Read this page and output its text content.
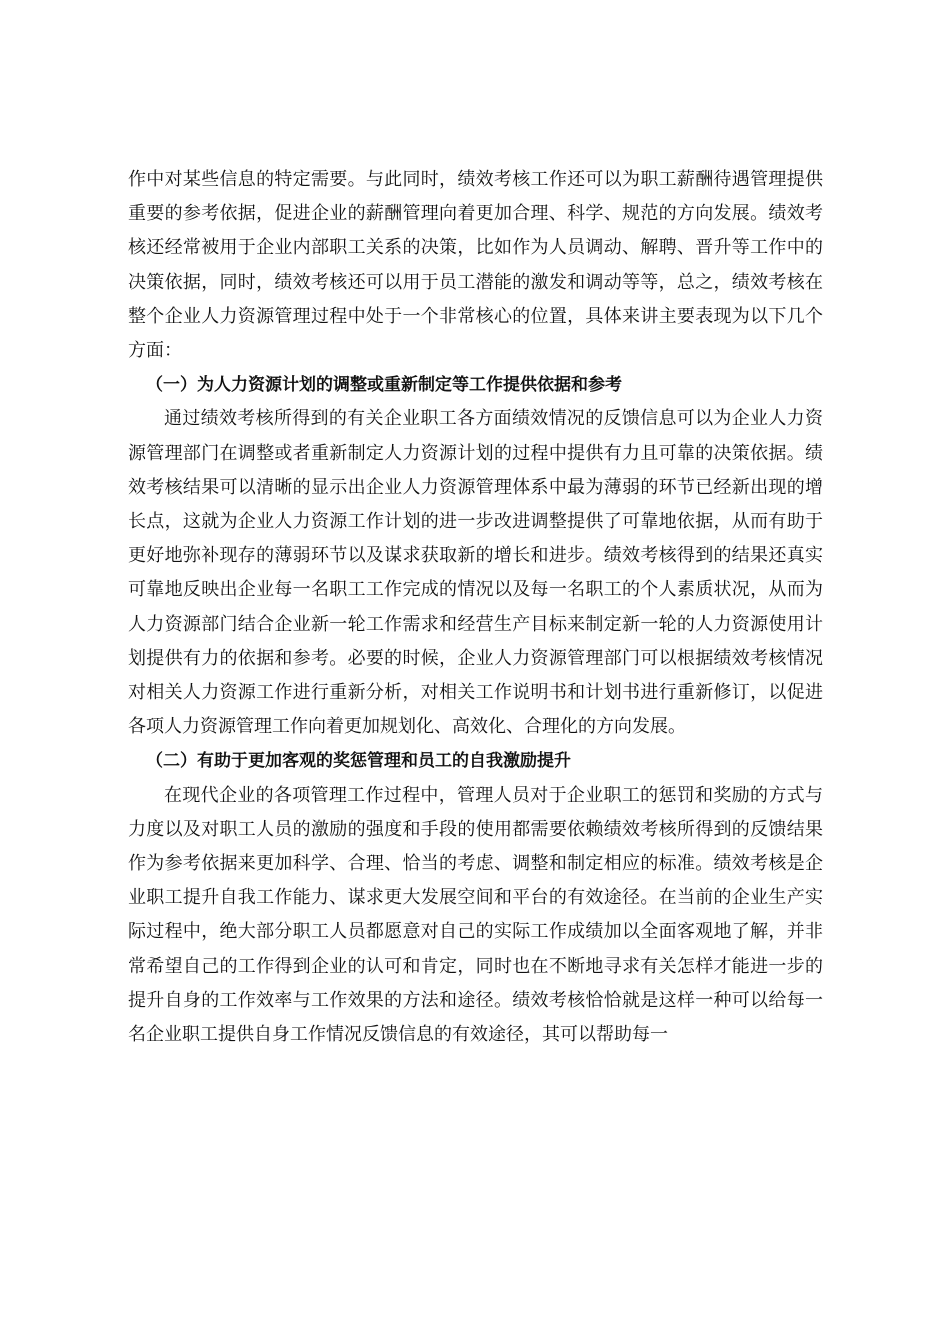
作中对某些信息的特定需要。与此同时，绩效考核工作还可以为职工薪酬待遇管理提供重要的参考依据，促进企业的薪酬管理向着更加合理、科学、规范的方向发展。绩效考核还经常被用于企业内部职工关系的决策，比如作为人员调动、解聘、晋升等工作中的决策依据，同时，绩效考核还可以用于员工潜能的激发和调动等等，总之，绩效考核在整个企业人力资源管理过程中处于一个非常核心的位置，具体来讲主要表现为以下几个方面：

（一）为人力资源计划的调整或重新制定等工作提供依据和参考

通过绩效考核所得到的有关企业职工各方面绩效情况的反馈信息可以为企业人力资源管理部门在调整或者重新制定人力资源计划的过程中提供有力且可靠的决策依据。绩效考核结果可以清晰的显示出企业人力资源管理体系中最为薄弱的环节已经新出现的增长点，这就为企业人力资源工作计划的进一步改进调整提供了可靠地依据，从而有助于更好地弥补现存的薄弱环节以及谋求获取新的增长和进步。绩效考核得到的结果还真实可靠地反映出企业每一名职工工作完成的情况以及每一名职工的个人素质状况，从而为人力资源部门结合企业新一轮工作需求和经营生产目标来制定新一轮的人力资源使用计划提供有力的依据和参考。必要的时候，企业人力资源管理部门可以根据绩效考核情况对相关人力资源工作进行重新分析，对相关工作说明书和计划书进行重新修订，以促进各项人力资源管理工作向着更加规划化、高效化、合理化的方向发展。

（二）有助于更加客观的奖惩管理和员工的自我激励提升

在现代企业的各项管理工作过程中，管理人员对于企业职工的惩罚和奖励的方式与力度以及对职工人员的激励的强度和手段的使用都需要依赖绩效考核所得到的反馈结果作为参考依据来更加科学、合理、恰当的考虑、调整和制定相应的标准。绩效考核是企业职工提升自我工作能力、谋求更大发展空间和平台的有效途径。在当前的企业生产实际过程中，绝大部分职工人员都愿意对自己的实际工作成绩加以全面客观地了解，并非常希望自己的工作得到企业的认可和肯定，同时也在不断地寻求有关怎样才能进一步的提升自身的工作效率与工作效果的方法和途径。绩效考核恰恰就是这样一种可以给每一名企业职工提供自身工作情况反馈信息的有效途径，其可以帮助每一
